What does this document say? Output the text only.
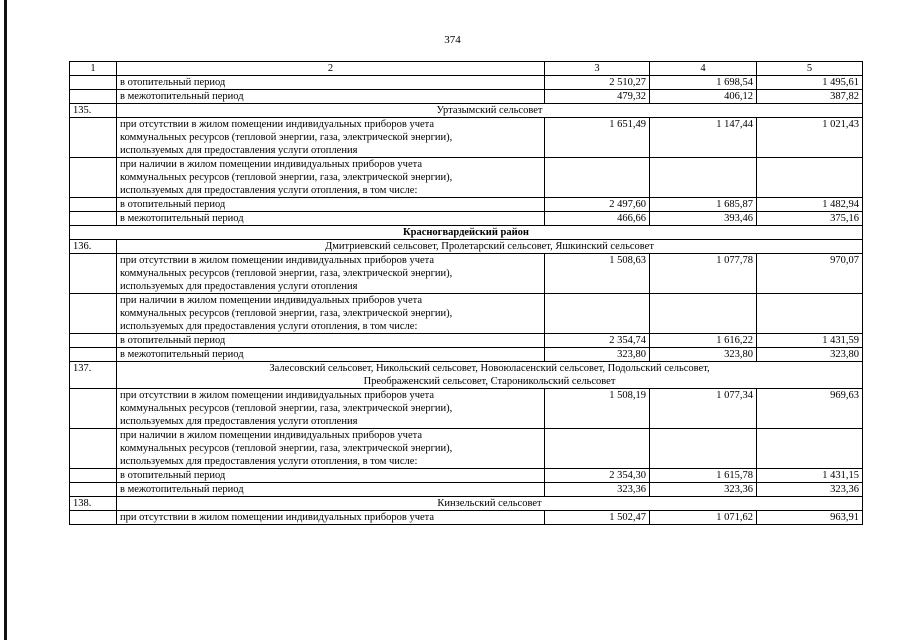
374
1	2	3	4	5
	в отопительный период	2 510,27	1 698,54	1 495,61
	в межотопительный период	479,32	406,12	387,82
135.	Уртазымский сельсовет			

	при отсутствии в жилом помещении индивидуальных приборов учета
коммунальных ресурсов (тепловой энергии, газа, электрической энергии),
используемых для предоставления услуги отопления	1 651,49	1 147,44	1 021,43

	при наличии в жилом помещении индивидуальных приборов учета
коммунальных ресурсов (тепловой энергии, газа, электрической энергии),
используемых для предоставления услуги отопления, в том числе:			

	в отопительный период	2 497,60	1 685,87	1 482,94
	в межотопительный период	466,66	393,46	375,16
Красногвардейский район				
136.	Дмитриевский сельсовет, Пролетарский сельсовет, Яшкинский сельсовет			

	при отсутствии в жилом помещении индивидуальных приборов учета
коммунальных ресурсов (тепловой энергии, газа, электрической энергии),
используемых для предоставления услуги отопления	1 508,63	1 077,78	970,07

	при наличии в жилом помещении индивидуальных приборов учета
коммунальных ресурсов (тепловой энергии, газа, электрической энергии),
используемых для предоставления услуги отопления, в том числе:			

	в отопительный период	2 354,74	1 616,22	1 431,59
	в межотопительный период	323,80	323,80	323,80
137.	Залесовский сельсовет, Никольский сельсовет, Новоюласенский сельсовет, Подольский сельсовет,
Преображенский сельсовет, Староникольский сельсовет			

	при отсутствии в жилом помещении индивидуальных приборов учета
коммунальных ресурсов (тепловой энергии, газа, электрической энергии),
используемых для предоставления услуги отопления	1 508,19	1 077,34	969,63

	при наличии в жилом помещении индивидуальных приборов учета
коммунальных ресурсов (тепловой энергии, газа, электрической энергии),
используемых для предоставления услуги отопления, в том числе:			

	в отопительный период	2 354,30	1 615,78	1 431,15
	в межотопительный период	323,36	323,36	323,36
138.	Кинзельский сельсовет			

	при отсутствии в жилом помещении индивидуальных приборов учета	1 502,47	1 071,62	963,91
